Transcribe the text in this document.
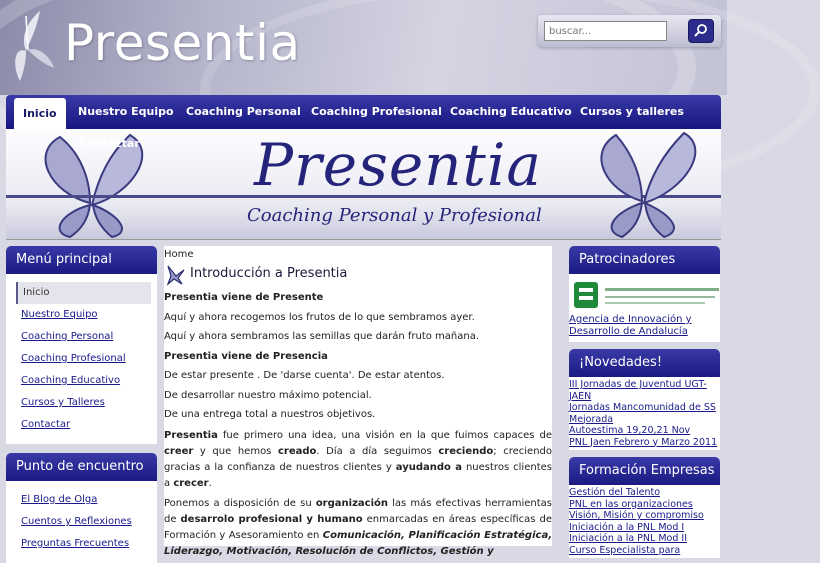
Presentia
buscar...
Inicio	Nuestro Equipo Coaching Personal Coaching Profesional Coaching Educativo Cursos y talleres
Presentia
Coaching Personal y Profesional
Contactar
Menú principal
Inicio
Nuestro Equipo
Coaching Personal
Coaching Profesional
Coaching Educativo
Cursos y Talleres
Contactar
Punto de encuentro
El Blog de Olga
Cuentos y Reflexiones
Preguntas Frecuentes
Home
Introducción a Presentia

Presentia viene de Presente

Aquí y ahora recogemos los frutos de lo que sembramos ayer.

Aquí y ahora sembramos las semillas que darán fruto mañana.

Presentia viene de Presencia

De estar presente . De 'darse cuenta'. De estar atentos.

De desarrollar nuestro máximo potencial.

De una entrega total a nuestros objetivos.

Presentia fue primero una idea, una visión en la que fuimos capaces de creer y que hemos creado. Día a día seguimos creciendo; creciendo gracias a la confianza de nuestros clientes y ayudando a nuestros clientes a crecer.

Ponemos a disposición de su organización las más efectivas herramientas de desarrolo profesional y humano enmarcadas en áreas específicas de Formación y Asesoramiento en Comunicación, Planificación Estratégica, Liderazgo, Motivación, Resolución de Conflictos, Gestión y

Patrocinadores
Agencia de Innovación y Desarrollo de Andalucía
¡Novedades!
III Jornadas de Juventud UGT-JAEN
Jornadas Mancomunidad de SS Mejorada
Autoestima 19,20,21 Nov
PNL Jaen Febrero y Marzo 2011
Formación Empresas
Gestión del Talento
PNL en las organizaciones
Visión, Misión y compromiso
Iniciación a la PNL Mod I
Iniciación a la PNL Mod II
Curso Especialista para
